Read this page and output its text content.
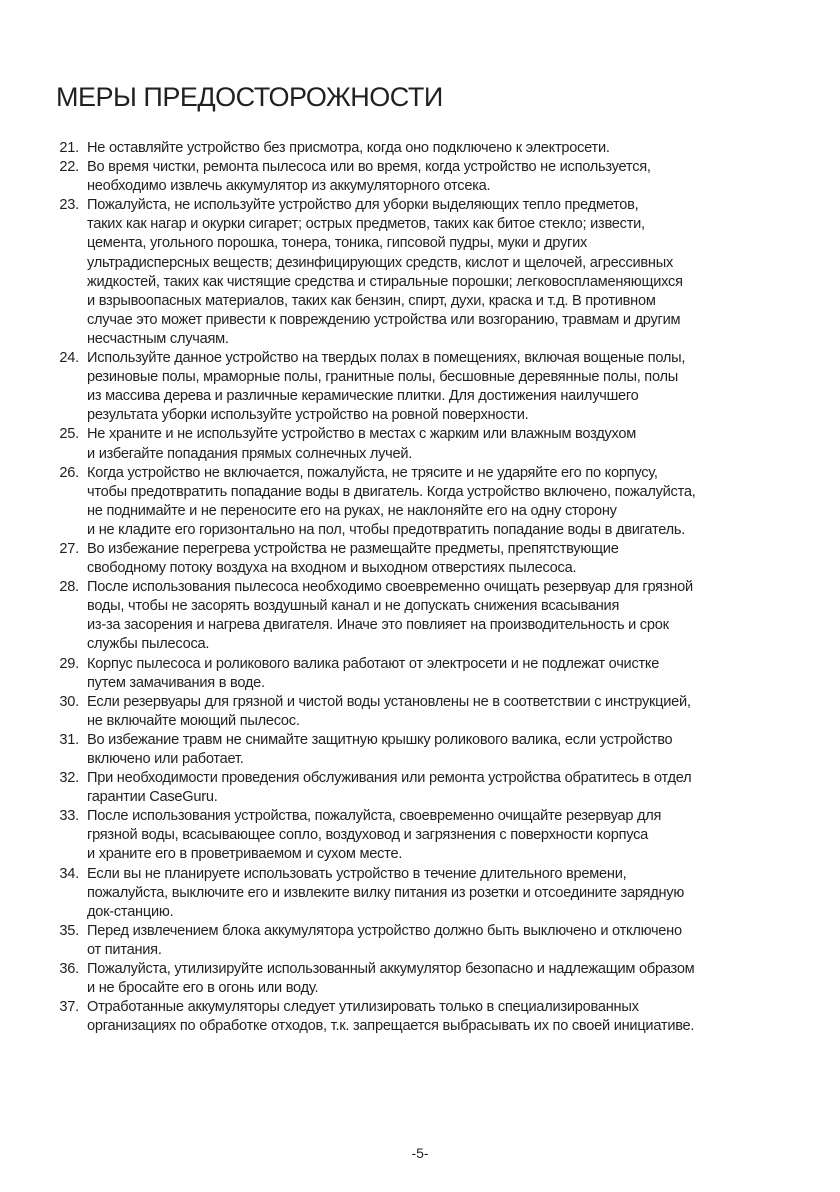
МЕРЫ ПРЕДОСТОРОЖНОСТИ
21. Не оставляйте устройство без присмотра, когда оно подключено к электросети.
22. Во время чистки, ремонта пылесоса или во время, когда устройство не используется,
необходимо извлечь аккумулятор из аккумуляторного отсека.
23. Пожалуйста, не используйте устройство для уборки выделяющих тепло предметов,
таких как нагар и окурки сигарет; острых предметов, таких как битое стекло; извести,
цемента, угольного порошка, тонера, тоника, гипсовой пудры, муки и других
ультрадисперсных веществ; дезинфицирующих средств, кислот и щелочей, агрессивных
жидкостей, таких как чистящие средства и стиральные порошки; легковоспламеняющихся
и взрывоопасных материалов, таких как бензин, спирт, духи, краска и т.д. В противном
случае это может привести к повреждению устройства или возгоранию, травмам и другим
несчастным случаям.
24. Используйте данное устройство на твердых полах в помещениях, включая вощеные полы,
резиновые полы, мраморные полы, гранитные полы, бесшовные деревянные полы, полы
из массива дерева и различные керамические плитки. Для достижения наилучшего
результата уборки используйте устройство на ровной поверхности.
25. Не храните и не используйте устройство в местах с жарким или влажным воздухом
и избегайте попадания прямых солнечных лучей.
26. Когда устройство не включается, пожалуйста, не трясите и не ударяйте его по корпусу,
чтобы предотвратить попадание воды в двигатель. Когда устройство включено, пожалуйста,
не поднимайте и не переносите его на руках, не наклоняйте его на одну сторону
и не кладите его горизонтально на пол, чтобы предотвратить попадание воды в двигатель.
27. Во избежание перегрева устройства не размещайте предметы, препятствующие
свободному потоку воздуха на входном и выходном отверстиях пылесоса.
28. После использования пылесоса необходимо своевременно очищать резервуар для грязной
воды, чтобы не засорять воздушный канал и не допускать снижения всасывания
из-за засорения и нагрева двигателя. Иначе это повлияет на производительность и срок
службы пылесоса.
29. Корпус пылесоса и роликового валика работают от электросети и не подлежат очистке
путем замачивания в воде.
30. Если резервуары для грязной и чистой воды установлены не в соответствии с инструкцией,
не включайте моющий пылесос.
31. Во избежание травм не снимайте защитную крышку роликового валика, если устройство
включено или работает.
32. При необходимости проведения обслуживания или ремонта устройства обратитесь в отдел
гарантии CaseGuru.
33. После использования устройства, пожалуйста, своевременно очищайте резервуар для
грязной воды, всасывающее сопло, воздуховод и загрязнения с поверхности корпуса
и храните его в проветриваемом и сухом месте.
34. Если вы не планируете использовать устройство в течение длительного времени,
пожалуйста, выключите его и извлеките вилку питания из розетки и отсоедините зарядную
док-станцию.
35. Перед извлечением блока аккумулятора устройство должно быть выключено и отключено
от питания.
36. Пожалуйста, утилизируйте использованный аккумулятор безопасно и надлежащим образом
и не бросайте его в огонь или воду.
37. Отработанные аккумуляторы следует утилизировать только в специализированных
организациях по обработке отходов, т.к. запрещается выбрасывать их по своей инициативе.
-5-
